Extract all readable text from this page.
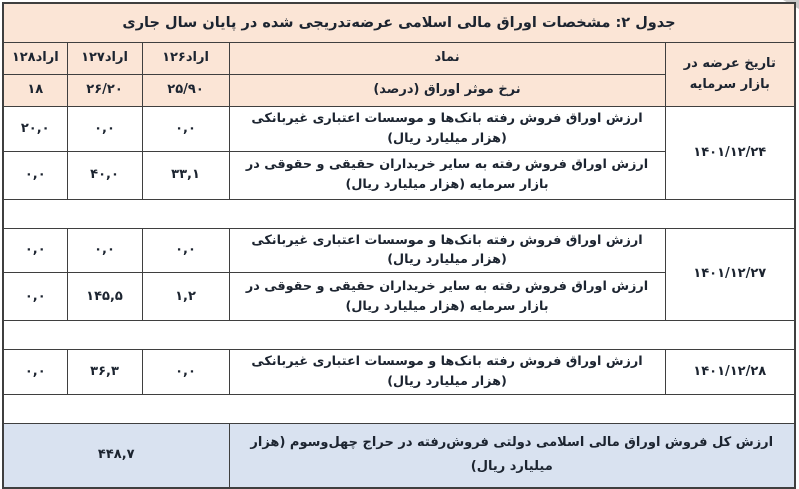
جدول ۲: مشخصات اوراق مالی اسلامی عرضه‌تدریجی شده در پایان سال جاری				
تاریخ عرضه در بازار سرمایه	نماد	اراد۱۲۶	اراد۱۲۷	اراد۱۲۸
	نرخ موثر اوراق (درصد)	۲۵/۹۰	۲۶/۲۰	۱۸
۱۴۰۱/۱۲/۲۴	ارزش اوراق فروش رفته بانک‌ها و موسسات اعتباری غیربانکی (هزار میلیارد ریال)	۰,۰	۰,۰	۲۰,۰
	ارزش اوراق فروش رفته به سایر خریداران حقیقی و حقوقی در بازار سرمایه (هزار میلیارد ریال)	۳۳,۱	۴۰,۰	۰,۰

۱۴۰۱/۱۲/۲۷	ارزش اوراق فروش رفته بانک‌ها و موسسات اعتباری غیربانکی (هزار میلیارد ریال)	۰,۰	۰,۰	۰,۰
	ارزش اوراق فروش رفته به سایر خریداران حقیقی و حقوقی در بازار سرمایه (هزار میلیارد ریال)	۱,۲	۱۴۵,۵	۰,۰

۱۴۰۱/۱۲/۲۸	ارزش اوراق فروش رفته بانک‌ها و موسسات اعتباری غیربانکی (هزار میلیارد ریال)	۰,۰	۳۶,۳	۰,۰

ارزش کل فروش اوراق مالی اسلامی دولتی فروش‌رفته در حراج چهل‌وسوم (هزار میلیارد ریال)		۴۴۸,۷		
